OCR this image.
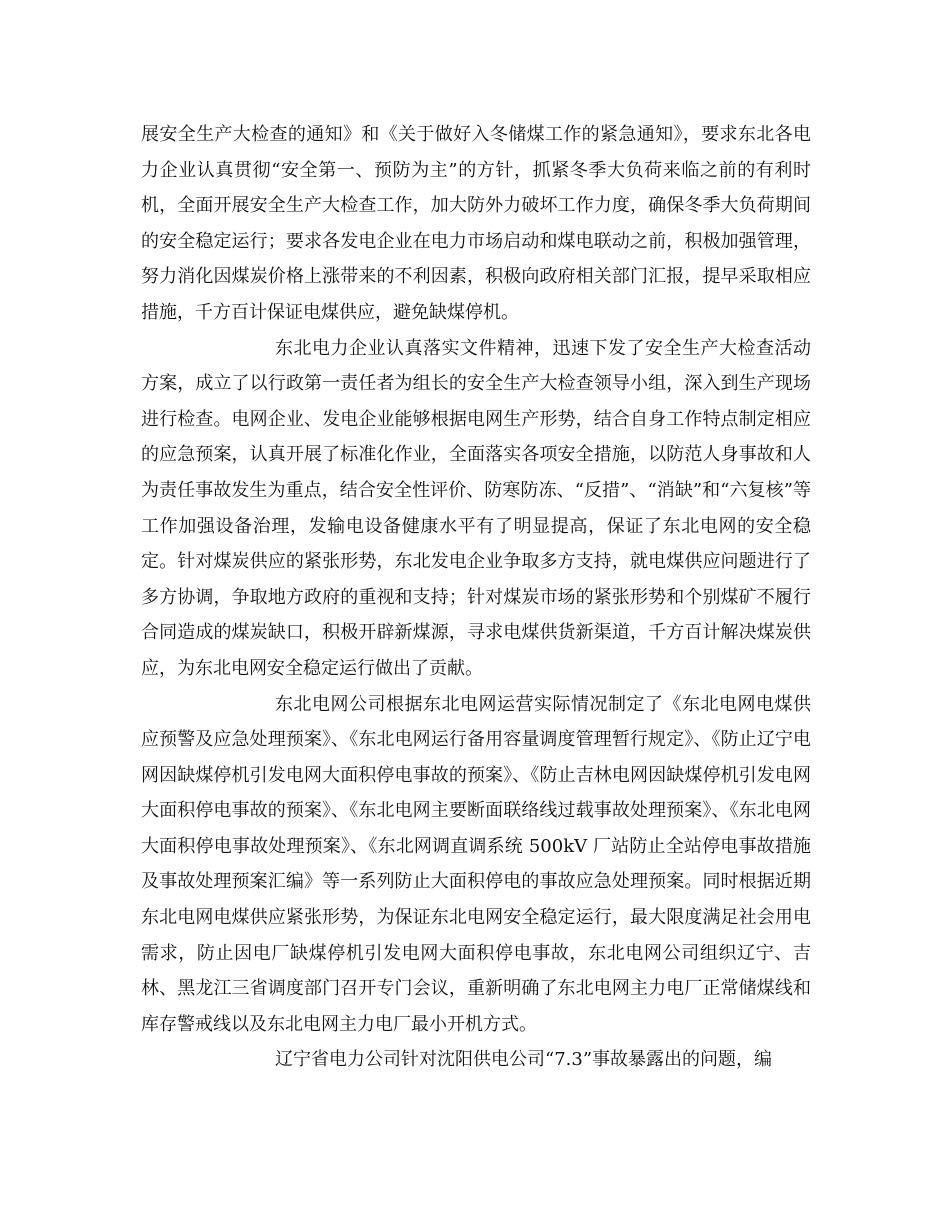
展安全生产大检查的通知》和《关于做好入冬储煤工作的紧急通知》，要求东北各电力企业认真贯彻“安全第一、预防为主”的方针，抓紧冬季大负荷来临之前的有利时机，全面开展安全生产大检查工作，加大防外力破坏工作力度，确保冬季大负荷期间的安全稳定运行；要求各发电企业在电力市场启动和煤电联动之前，积极加强管理，努力消化因煤炭价格上涨带来的不利因素，积极向政府相关部门汇报，提早采取相应措施，千方百计保证电煤供应，避免缺煤停机。

东北电力企业认真落实文件精神，迅速下发了安全生产大检查活动方案，成立了以行政第一责任者为组长的安全生产大检查领导小组，深入到生产现场进行检查。电网企业、发电企业能够根据电网生产形势，结合自身工作特点制定相应的应急预案，认真开展了标准化作业，全面落实各项安全措施，以防范人身事故和人为责任事故发生为重点，结合安全性评价、防寒防冻、“反措”、“消缺”和“六复核”等工作加强设备治理，发输电设备健康水平有了明显提高，保证了东北电网的安全稳定。针对煤炭供应的紧张形势，东北发电企业争取多方支持，就电煤供应问题进行了多方协调，争取地方政府的重视和支持；针对煤炭市场的紧张形势和个别煤矿不履行合同造成的煤炭缺口，积极开辟新煤源，寻求电煤供货新渠道，千方百计解决煤炭供应，为东北电网安全稳定运行做出了贡献。

东北电网公司根据东北电网运营实际情况制定了《东北电网电煤供应预警及应急处理预案》、《东北电网运行备用容量调度管理暂行规定》、《防止辽宁电网因缺煤停机引发电网大面积停电事故的预案》、《防止吉林电网因缺煤停机引发电网大面积停电事故的预案》、《东北电网主要断面联络线过载事故处理预案》、《东北电网大面积停电事故处理预案》、《东北网调直调系统 500kV 厂站防止全站停电事故措施及事故处理预案汇编》等一系列防止大面积停电的事故应急处理预案。同时根据近期东北电网电煤供应紧张形势，为保证东北电网安全稳定运行，最大限度满足社会用电需求，防止因电厂缺煤停机引发电网大面积停电事故，东北电网公司组织辽宁、吉林、黑龙江三省调度部门召开专门会议，重新明确了东北电网主力电厂正常储煤线和库存警戒线以及东北电网主力电厂最小开机方式。

辽宁省电力公司针对沈阳供电公司“7.3”事故暴露出的问题，编
